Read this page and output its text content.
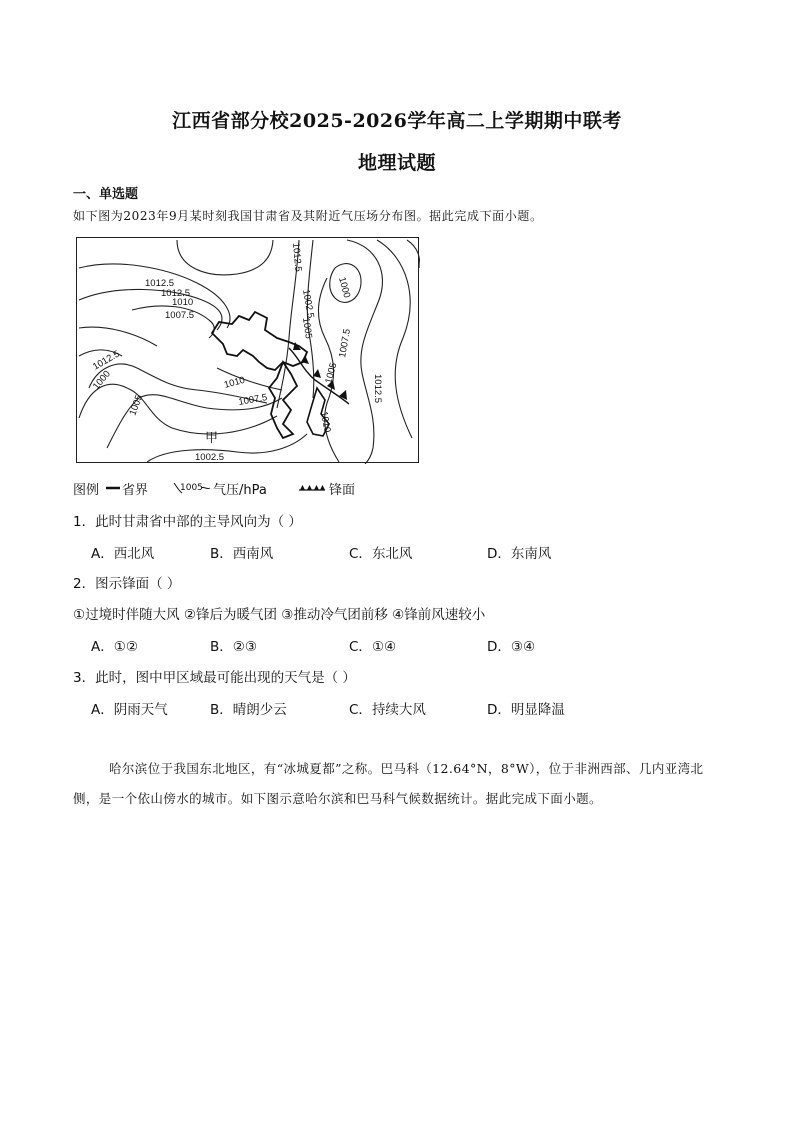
江西省部分校2025-2026学年高二上学期期中联考
地理试题
一、单选题
如下图为2023年9月某时刻我国甘肃省及其附近气压场分布图。据此完成下面小题。
1012.5
1012.5
1010
1007.5
1012.5
1000
1005
1010
1007.5
1002.5
1012.5
1002.5
1000
1005 1007.5
1005
1012.5
1010
甲
图例 省界	1005 气压/hPa	锋面
1．此时甘肃省中部的主导风向为（ ）
A．西北风	B．西南风	C．东北风	D．东南风
2．图示锋面（ ）
①过境时伴随大风 ②锋后为暖气团 ③推动冷气团前移 ④锋前风速较小
A．①②	B．②③	C．①④	D．③④
3．此时，图中甲区域最可能出现的天气是（ ）
A．阴雨天气	B．晴朗少云	C．持续大风	D．明显降温
哈尔滨位于我国东北地区，有“冰城夏都”之称。巴马科（12.64°N，8°W），位于非洲西部、几内亚湾北侧，是一个依山傍水的城市。如下图示意哈尔滨和巴马科气候数据统计。据此完成下面小题。
